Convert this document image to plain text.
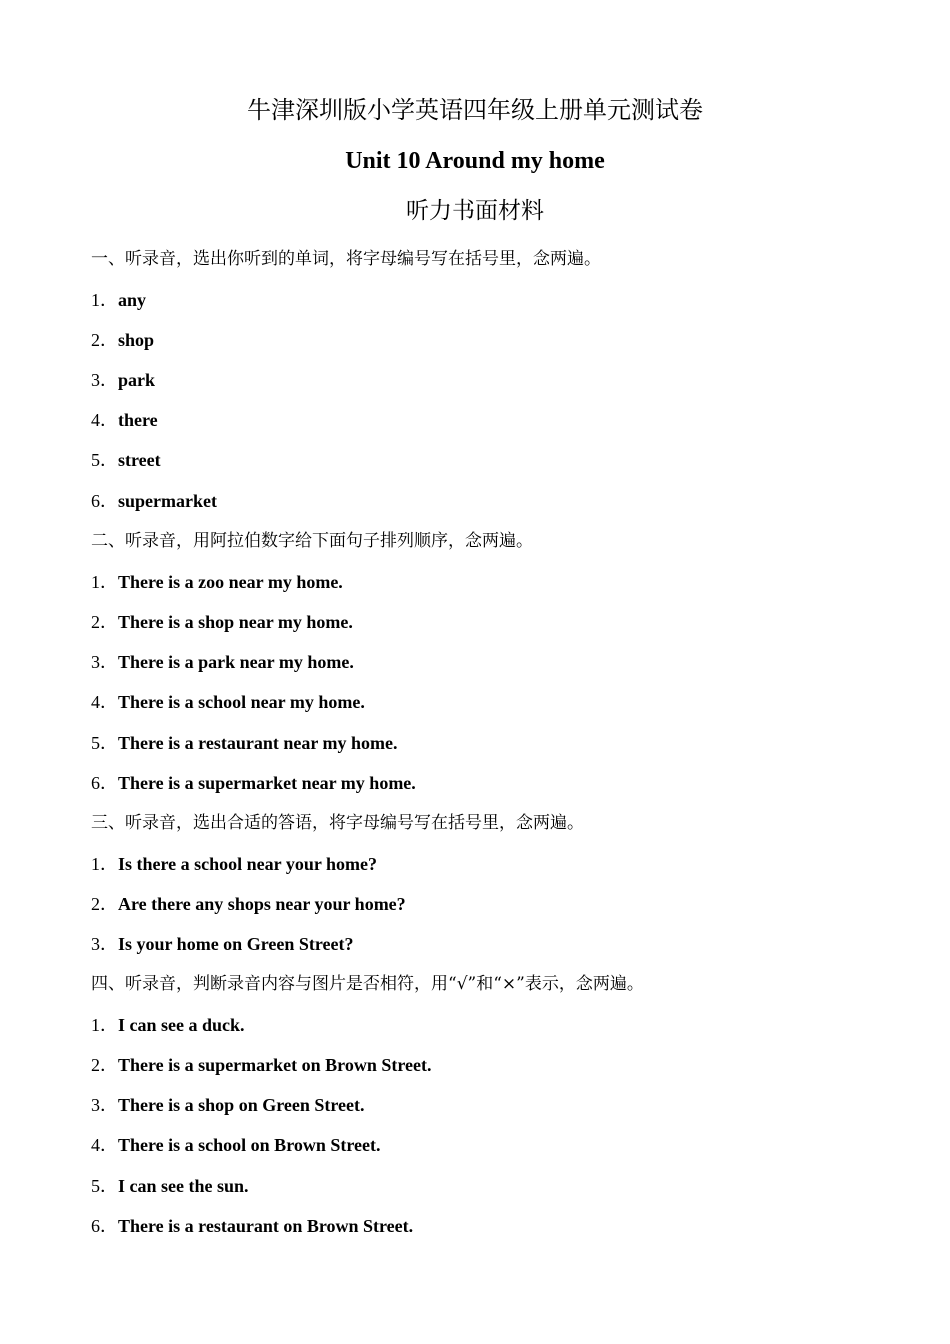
牛津深圳版小学英语四年级上册单元测试卷
Unit 10 Around my home
听力书面材料
一、听录音，选出你听到的单词，将字母编号写在括号里，念两遍。
1．any
2．shop
3．park
4．there
5．street
6．supermarket
二、听录音，用阿拉伯数字给下面句子排列顺序，念两遍。
1．There is a zoo near my home.
2．There is a shop near my home.
3．There is a park near my home.
4．There is a school near my home.
5．There is a restaurant near my home.
6．There is a supermarket near my home.
三、听录音，选出合适的答语，将字母编号写在括号里，念两遍。
1．Is there a school near your home?
2．Are there any shops near your home?
3．Is your home on Green Street?
四、听录音，判断录音内容与图片是否相符，用“√”和“×”表示，念两遍。
1．I can see a duck.
2．There is a supermarket on Brown Street.
3．There is a shop on Green Street.
4．There is a school on Brown Street.
5．I can see the sun.
6．There is a restaurant on Brown Street.
